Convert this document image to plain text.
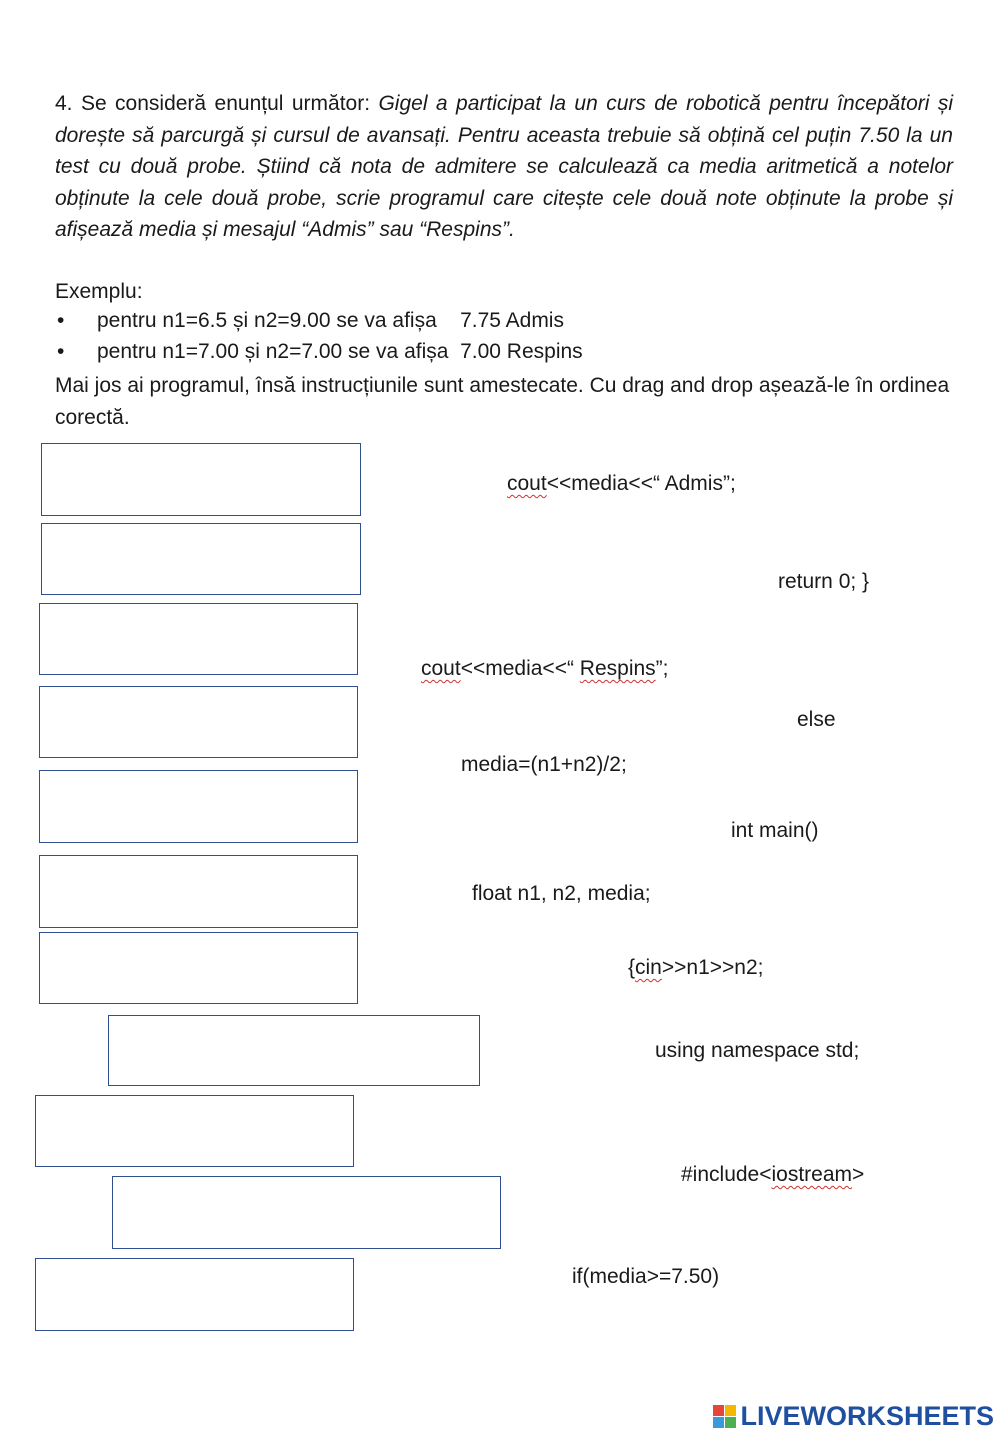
4. Se consideră enunțul următor: Gigel a participat la un curs de robotică pentru începători și dorește să parcurgă și cursul de avansați. Pentru aceasta trebuie să obțină cel puțin 7.50 la un test cu două probe. Știind că nota de admitere se calculează ca media aritmetică a notelor obținute la cele două probe, scrie programul care citește cele două note obținute la probe și afișează media și mesajul “Admis” sau “Respins”.

Exemplu:
• pentru n1=6.5 și n2=9.00 se va afișa    7.75 Admis
• pentru n1=7.00 și n2=7.00 se va afișa  7.00 Respins
Mai jos ai programul, însă instrucțiunile sunt amestecate. Cu drag and drop așează-le în ordinea corectă.
cout<<media<<“ Admis”;
return 0; }
cout<<media<<“ Respins”;
else
media=(n1+n2)/2;
int main()
float n1, n2, media;
{cin>>n1>>n2;
using namespace std;
#include<iostream>
if(media>=7.50)
LIVEWORKSHEETS
